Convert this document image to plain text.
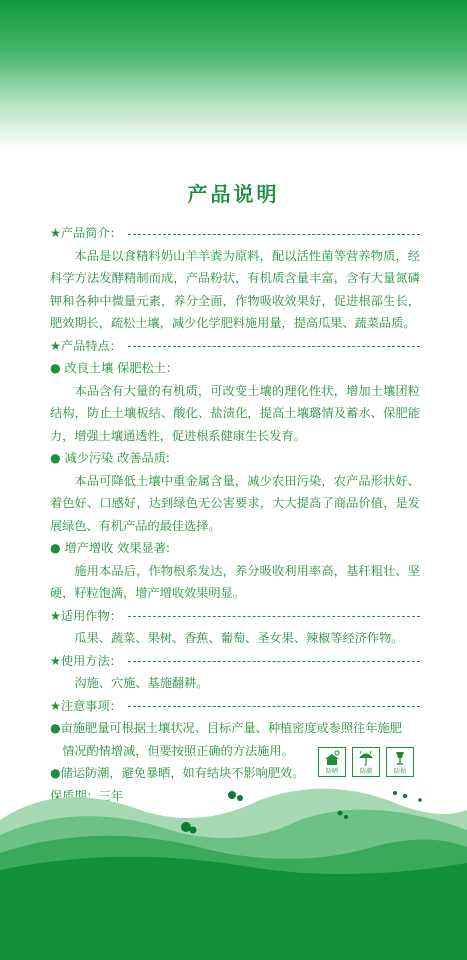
产品说明
★产品简介：
本品是以食精料奶山羊羊粪为原料，配以活性菌等营养物质，经科学方法发酵精制而成，产品粉状，有机质含量丰富，含有大量氮磷钾和各种中微量元素，养分全面，作物吸收效果好，促进根部生长，肥效期长，疏松土壤，减少化学肥料施用量，提高瓜果、蔬菜品质。
★产品特点：
● 改良土壤 保肥松土：
本品含有大量的有机质，可改变土壤的理化性状，增加土壤团粒结构，防止土壤板结、酸化、盐渍化，提高土壤璐情及蓄水、保肥能力，增强土壤通透性，促进根系健康生长发育。
● 减少污染 改善品质:
本品可降低土壤中重金属含量，减少农田污染，农产品形状好、着色好、口感好，达到绿色无公害要求，大大提高了商品价值，是发展绿色、有机产品的最佳选择。
● 增产增收 效果显著:
施用本品后，作物根系发达，养分吸收利用率高，基秆粗壮、坚硬，籽粒饱满，增产增收效果明显。
★适用作物：
瓜果、蔬菜、果树、香蕉、葡萄、圣女果、辣椒等经济作物。
★使用方法：
沟施、穴施、基施翻耕。
★注意事项：
●亩施肥量可根据土壤状况、目标产量、种植密度或参照往年施肥
情况酌情增减，但要按照正确的方法施用。
●储运防潮，避免暴晒，如有结块不影响肥效。
保质期：三年
防晒	防潮	防损
